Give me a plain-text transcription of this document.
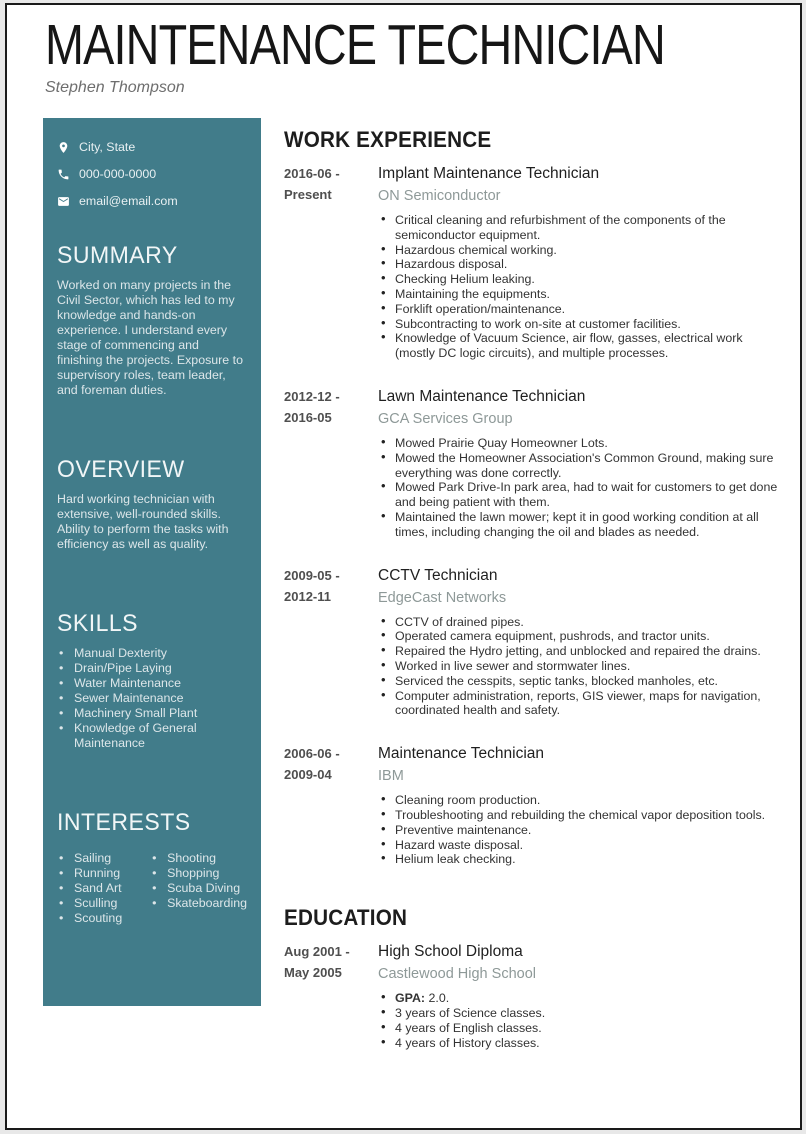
MAINTENANCE TECHNICIAN
Stephen Thompson
City, State
000-000-0000
email@email.com
SUMMARY

Worked on many projects in the Civil Sector, which has led to my knowledge and hands-on experience. I understand every stage of commencing and finishing the projects. Exposure to supervisory roles, team leader, and foreman duties.

OVERVIEW

Hard working technician with extensive, well-rounded skills. Ability to perform the tasks with efficiency as well as quality.

SKILLS
• Manual Dexterity
• Drain/Pipe Laying
• Water Maintenance
• Sewer Maintenance
• Machinery Small Plant
• Knowledge of General Maintenance
INTERESTS
• Sailing
• Running
• Sand Art
• Sculling
• Scouting
• Shooting
• Shopping
• Scuba Diving
• Skateboarding
WORK EXPERIENCE
2016-06 -
Present
Implant Maintenance Technician
ON Semiconductor
• Critical cleaning and refurbishment of the components of the semiconductor equipment.
• Hazardous chemical working.
• Hazardous disposal.
• Checking Helium leaking.
• Maintaining the equipments.
• Forklift operation/maintenance.
• Subcontracting to work on-site at customer facilities.
• Knowledge of Vacuum Science, air flow, gasses, electrical work (mostly DC logic circuits), and multiple processes.
2012-12 -
2016-05
Lawn Maintenance Technician
GCA Services Group
• Mowed Prairie Quay Homeowner Lots.
• Mowed the Homeowner Association's Common Ground, making sure everything was done correctly.
• Mowed Park Drive-In park area, had to wait for customers to get done and being patient with them.
• Maintained the lawn mower; kept it in good working condition at all times, including changing the oil and blades as needed.
2009-05 -
2012-11
CCTV Technician
EdgeCast Networks
• CCTV of drained pipes.
• Operated camera equipment, pushrods, and tractor units.
• Repaired the Hydro jetting, and unblocked and repaired the drains.
• Worked in live sewer and stormwater lines.
• Serviced the cesspits, septic tanks, blocked manholes, etc.
• Computer administration, reports, GIS viewer, maps for navigation, coordinated health and safety.
2006-06 -
2009-04
Maintenance Technician
IBM
• Cleaning room production.
• Troubleshooting and rebuilding the chemical vapor deposition tools.
• Preventive maintenance.
• Hazard waste disposal.
• Helium leak checking.
EDUCATION
Aug 2001 -
May 2005
High School Diploma
Castlewood High School
• GPA: 2.0.
• 3 years of Science classes.
• 4 years of English classes.
• 4 years of History classes.
